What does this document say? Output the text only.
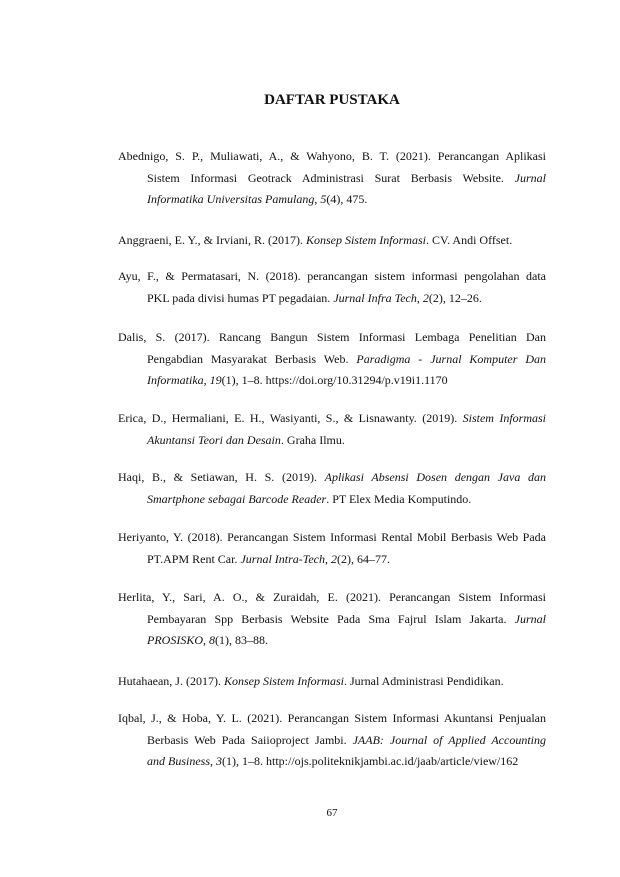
DAFTAR PUSTAKA
Abednigo, S. P., Muliawati, A., & Wahyono, B. T. (2021). Perancangan Aplikasi
Sistem Informasi Geotrack Administrasi Surat Berbasis Website. Jurnal
Informatika Universitas Pamulang, 5(4), 475.
Anggraeni, E. Y., & Irviani, R. (2017). Konsep Sistem Informasi. CV. Andi Offset.
Ayu, F., & Permatasari, N. (2018). perancangan sistem informasi pengolahan data
PKL pada divisi humas PT pegadaian. Jurnal Infra Tech, 2(2), 12–26.
Dalis, S. (2017). Rancang Bangun Sistem Informasi Lembaga Penelitian Dan
Pengabdian Masyarakat Berbasis Web. Paradigma - Jurnal Komputer Dan
Informatika, 19(1), 1–8. https://doi.org/10.31294/p.v19i1.1170
Erica, D., Hermaliani, E. H., Wasiyanti, S., & Lisnawanty. (2019). Sistem Informasi
Akuntansi Teori dan Desain. Graha Ilmu.
Haqi, B., & Setiawan, H. S. (2019). Aplikasi Absensi Dosen dengan Java dan
Smartphone sebagai Barcode Reader. PT Elex Media Komputindo.
Heriyanto, Y. (2018). Perancangan Sistem Informasi Rental Mobil Berbasis Web Pada
PT.APM Rent Car. Jurnal Intra-Tech, 2(2), 64–77.
Herlita, Y., Sari, A. O., & Zuraidah, E. (2021). Perancangan Sistem Informasi
Pembayaran Spp Berbasis Website Pada Sma Fajrul Islam Jakarta. Jurnal
PROSISKO, 8(1), 83–88.
Hutahaean, J. (2017). Konsep Sistem Informasi. Jurnal Administrasi Pendidikan.
Iqbal, J., & Hoba, Y. L. (2021). Perancangan Sistem Informasi Akuntansi Penjualan
Berbasis Web Pada Saiioproject Jambi. JAAB: Journal of Applied Accounting
and Business, 3(1), 1–8. http://ojs.politeknikjambi.ac.id/jaab/article/view/162
67
